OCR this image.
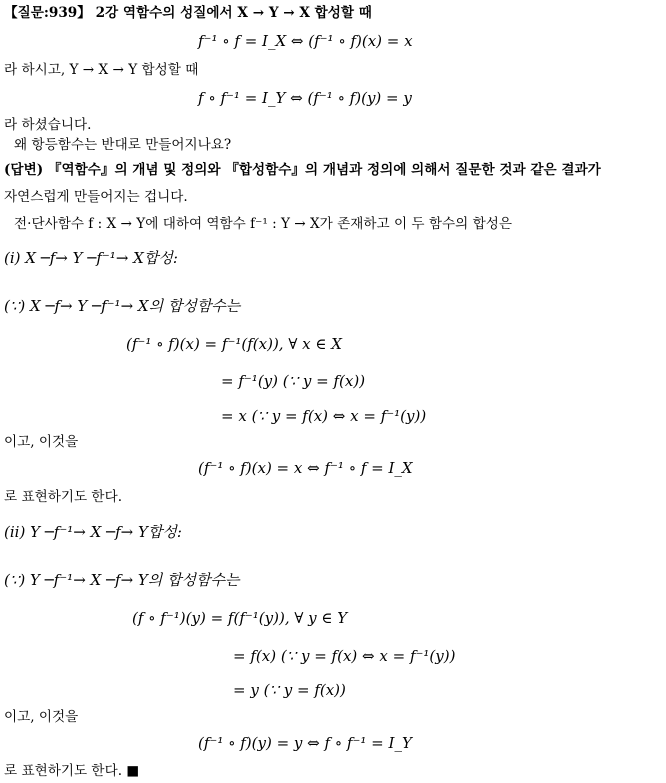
【질문:939】 2강 역함수의 성질에서 X → Y → X 합성할 때
f⁻¹ ∘ f = I_X ⇔ (f⁻¹ ∘ f)(x) = x
라 하시고, Y → X → Y 합성할 때
f ∘ f⁻¹ = I_Y ⇔ (f⁻¹ ∘ f)(y) = y
라 하셨습니다.
왜 항등함수는 반대로 만들어지나요?
(답변) 『역함수』의 개념 및 정의와 『합성함수』의 개념과 정의에 의해서 질문한 것과 같은 결과가
자연스럽게 만들어지는 겁니다.
전·단사함수 f : X → Y에 대하여 역함수 f⁻¹ : Y → X가 존재하고 이 두 함수의 합성은
(i) X ─f→ Y ─f⁻¹→ X합성:
(∵) X ─f→ Y ─f⁻¹→ X의 합성함수는
(f⁻¹ ∘ f)(x) = f⁻¹(f(x)), ∀ x ∈ X
= f⁻¹(y) (∵ y = f(x))
= x (∵ y = f(x) ⇔ x = f⁻¹(y))
이고, 이것을
(f⁻¹ ∘ f)(x) = x ⇔ f⁻¹ ∘ f = I_X
로 표현하기도 한다.
(ii) Y ─f⁻¹→ X ─f→ Y합성:
(∵) Y ─f⁻¹→ X ─f→ Y의 합성함수는
(f ∘ f⁻¹)(y) = f(f⁻¹(y)), ∀ y ∈ Y
= f(x) (∵ y = f(x) ⇔ x = f⁻¹(y))
= y (∵ y = f(x))
이고, 이것을
(f⁻¹ ∘ f)(y) = y ⇔ f ∘ f⁻¹ = I_Y
로 표현하기도 한다. ■
